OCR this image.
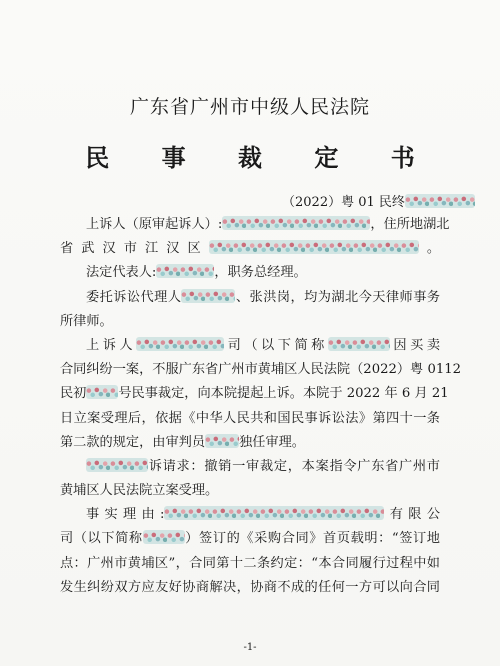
广东省广州市中级人民法院
民 事 裁 定 书
（2022）粤 01 民终
上诉人（原审起诉人）:	，住所地湖北
省武汉市江汉区	。
法定代表人:	，职务总经理。
委托诉讼代理人	、张洪岗，均为湖北今天律师事务
所律师。
上诉人	司（以下简称	因买卖
合同纠纷一案，不服广东省广州市黄埔区人民法院（2022）粤 0112
民初 号民事裁定，向本院提起上诉。本院于 2022 年 6 月 21
日立案受理后，依据《中华人民共和国民事诉讼法》第四十一条
第二款的规定，由审判员	独任审理。
诉请求：撤销一审裁定，本案指令广东省广州市
黄埔区人民法院立案受理。
事实理由:	有限公
司（以下简称	）签订的《采购合同》首页载明：“签订地
点：广州市黄埔区”，合同第十二条约定：“本合同履行过程中如
发生纠纷双方应友好协商解决，协商不成的任何一方可以向合同
-1-
